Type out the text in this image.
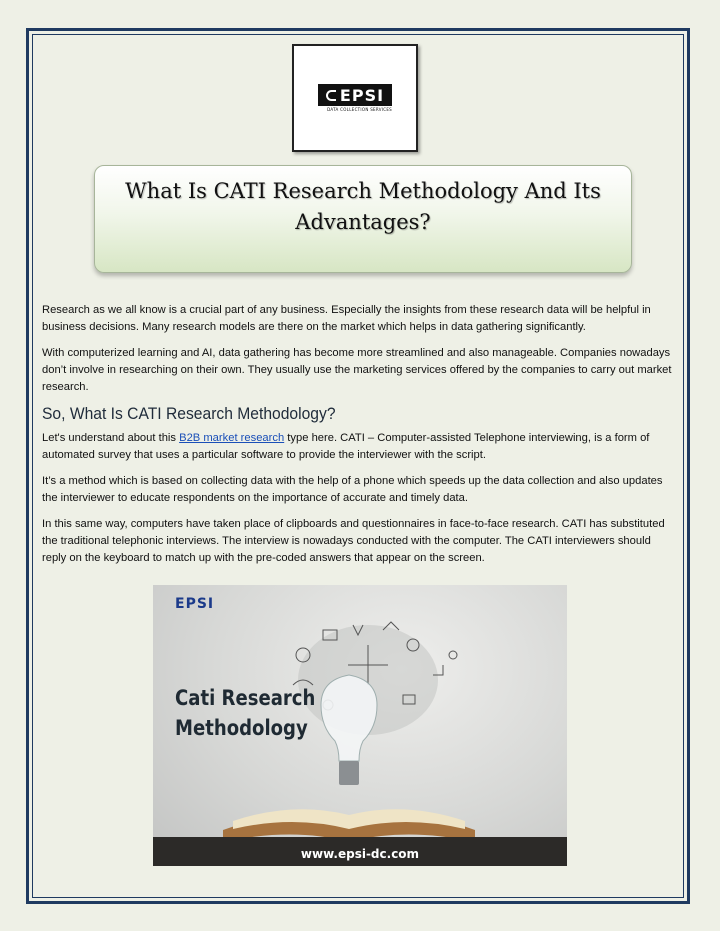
EPSI
DATA COLLECTION SERVICES
What Is CATI Research Methodology And Its Advantages?

Research as we all know is a crucial part of any business. Especially the insights from these research data will be helpful in business decisions. Many research models are there on the market which helps in data gathering significantly.

With computerized learning and AI, data gathering has become more streamlined and also manageable. Companies nowadays don’t involve in researching on their own. They usually use the marketing services offered by the companies to carry out market research.

So, What Is CATI Research Methodology?

Let's understand about this B2B market research type here. CATI – Computer-assisted Telephone interviewing, is a form of automated survey that uses a particular software to provide the interviewer with the script.

It’s a method which is based on collecting data with the help of a phone which speeds up the data collection and also updates the interviewer to educate respondents on the importance of accurate and timely data.

In this same way, computers have taken place of clipboards and questionnaires in face-to-face research. CATI has substituted the traditional telephonic interviews. The interview is nowadays conducted with the computer. The CATI interviewers should reply on the keyboard to match up with the pre-coded answers that appear on the screen.

EPSI
Cati Research Methodology
www.epsi-dc.com
